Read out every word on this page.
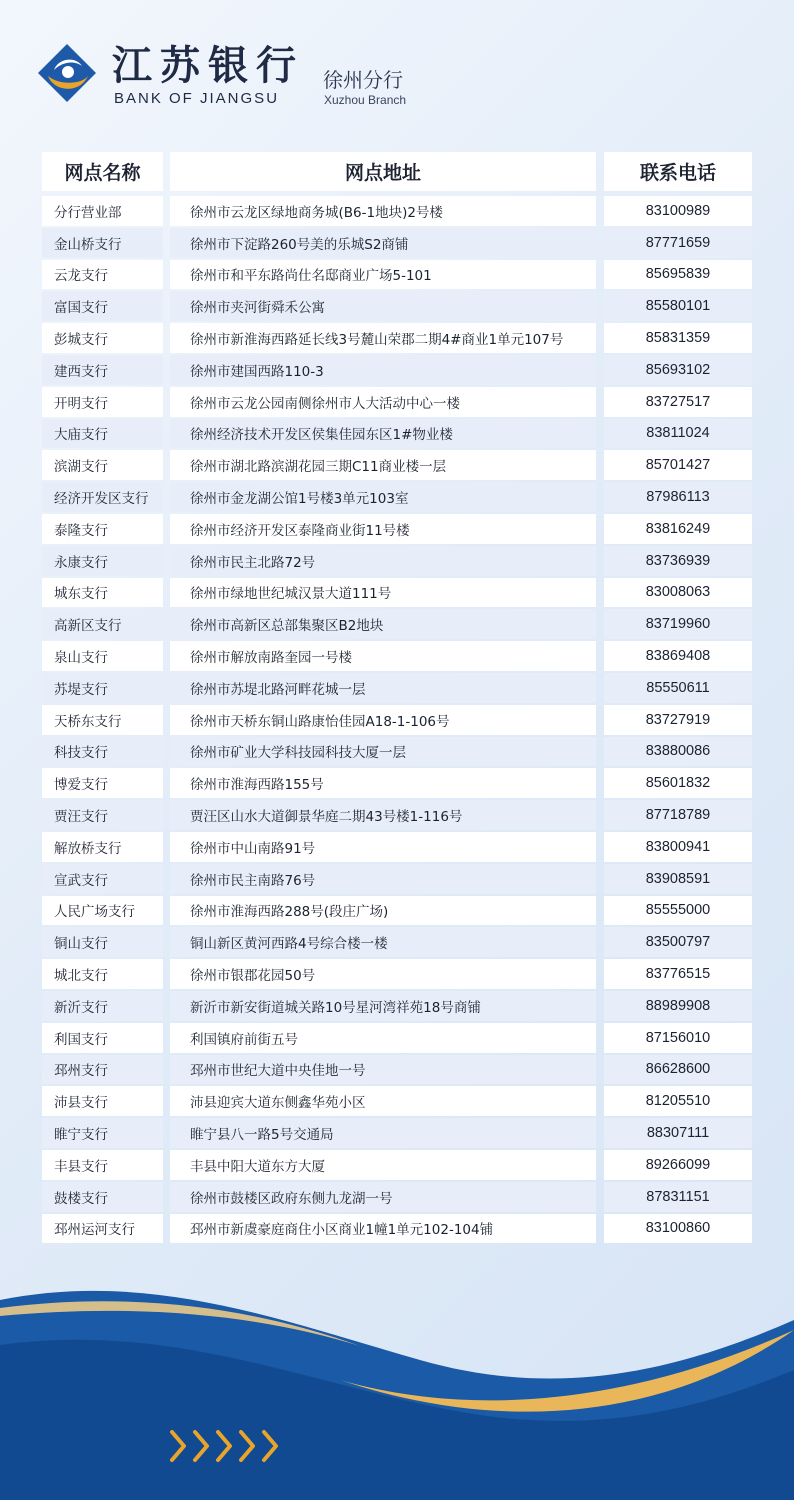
江苏银行
BANK OF JIANGSU
徐州分行
Xuzhou Branch
网点名称	网点地址	联系电话
分行营业部	徐州市云龙区绿地商务城(B6-1地块)2号楼	83100989
金山桥支行	徐州市下淀路260号美的乐城S2商铺	87771659
云龙支行	徐州市和平东路尚仕名邸商业广场5-101	85695839
富国支行	徐州市夹河街舜禾公寓	85580101
彭城支行	徐州市新淮海西路延长线3号麓山荣郡二期4#商业1单元107号	85831359
建西支行	徐州市建国西路110-3	85693102
开明支行	徐州市云龙公园南侧徐州市人大活动中心一楼	83727517
大庙支行	徐州经济技术开发区侯集佳园东区1#物业楼	83811024
滨湖支行	徐州市湖北路滨湖花园三期C11商业楼一层	85701427
经济开发区支行	徐州市金龙湖公馆1号楼3单元103室	87986113
泰隆支行	徐州市经济开发区泰隆商业街11号楼	83816249
永康支行	徐州市民主北路72号	83736939
城东支行	徐州市绿地世纪城汉景大道111号	83008063
高新区支行	徐州市高新区总部集聚区B2地块	83719960
泉山支行	徐州市解放南路奎园一号楼	83869408
苏堤支行	徐州市苏堤北路河畔花城一层	85550611
天桥东支行	徐州市天桥东铜山路康怡佳园A18-1-106号	83727919
科技支行	徐州市矿业大学科技园科技大厦一层	83880086
博爱支行	徐州市淮海西路155号	85601832
贾汪支行	贾汪区山水大道御景华庭二期43号楼1-116号	87718789
解放桥支行	徐州市中山南路91号	83800941
宣武支行	徐州市民主南路76号	83908591
人民广场支行	徐州市淮海西路288号(段庄广场)	85555000
铜山支行	铜山新区黄河西路4号综合楼一楼	83500797
城北支行	徐州市银郡花园50号	83776515
新沂支行	新沂市新安街道城关路10号星河湾祥苑18号商铺	88989908
利国支行	利国镇府前街五号	87156010
邳州支行	邳州市世纪大道中央佳地一号	86628600
沛县支行	沛县迎宾大道东侧鑫华苑小区	81205510
睢宁支行	睢宁县八一路5号交通局	88307111
丰县支行	丰县中阳大道东方大厦	89266099
鼓楼支行	徐州市鼓楼区政府东侧九龙湖一号	87831151
邳州运河支行	邳州市新虞豪庭商住小区商业1幢1单元102-104铺	83100860
